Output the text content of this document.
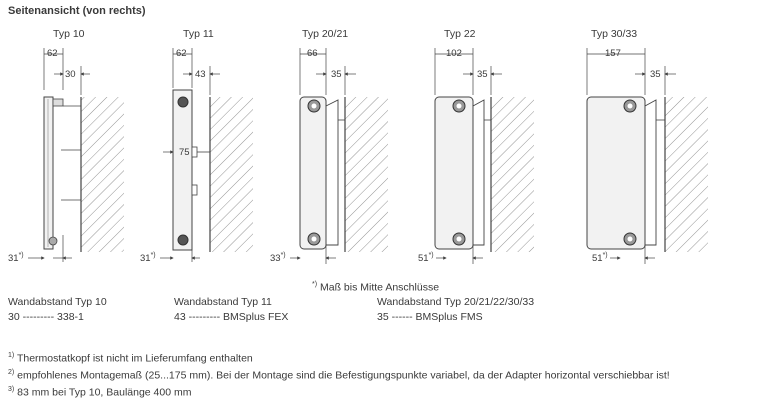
Seitenansicht (von rechts)
Typ 10	Typ 11	Typ 20/21	Typ 22	Typ 30/33
62
30
31*)
62
43
75
31*)
66
35
33*)
102
35
51*)
157
35
51*)
*) Maß bis Mitte Anschlüsse
Wandabstand Typ 10
30 --------- 338-1
Wandabstand Typ 11
43 --------- BMSplus FEX
Wandabstand Typ 20/21/22/30/33
35 ------ BMSplus FMS
$^{1)}$ Thermostatkopf ist nicht im Lieferumfang enthalten
$^{2)}$ empfohlenes Montagemaß (25...175 mm). Bei der Montage sind die Befestigungspunkte variabel, da der Adapter horizontal verschiebbar ist!
$^{3)}$ 83 mm bei Typ 10, Baulänge 400 mm
